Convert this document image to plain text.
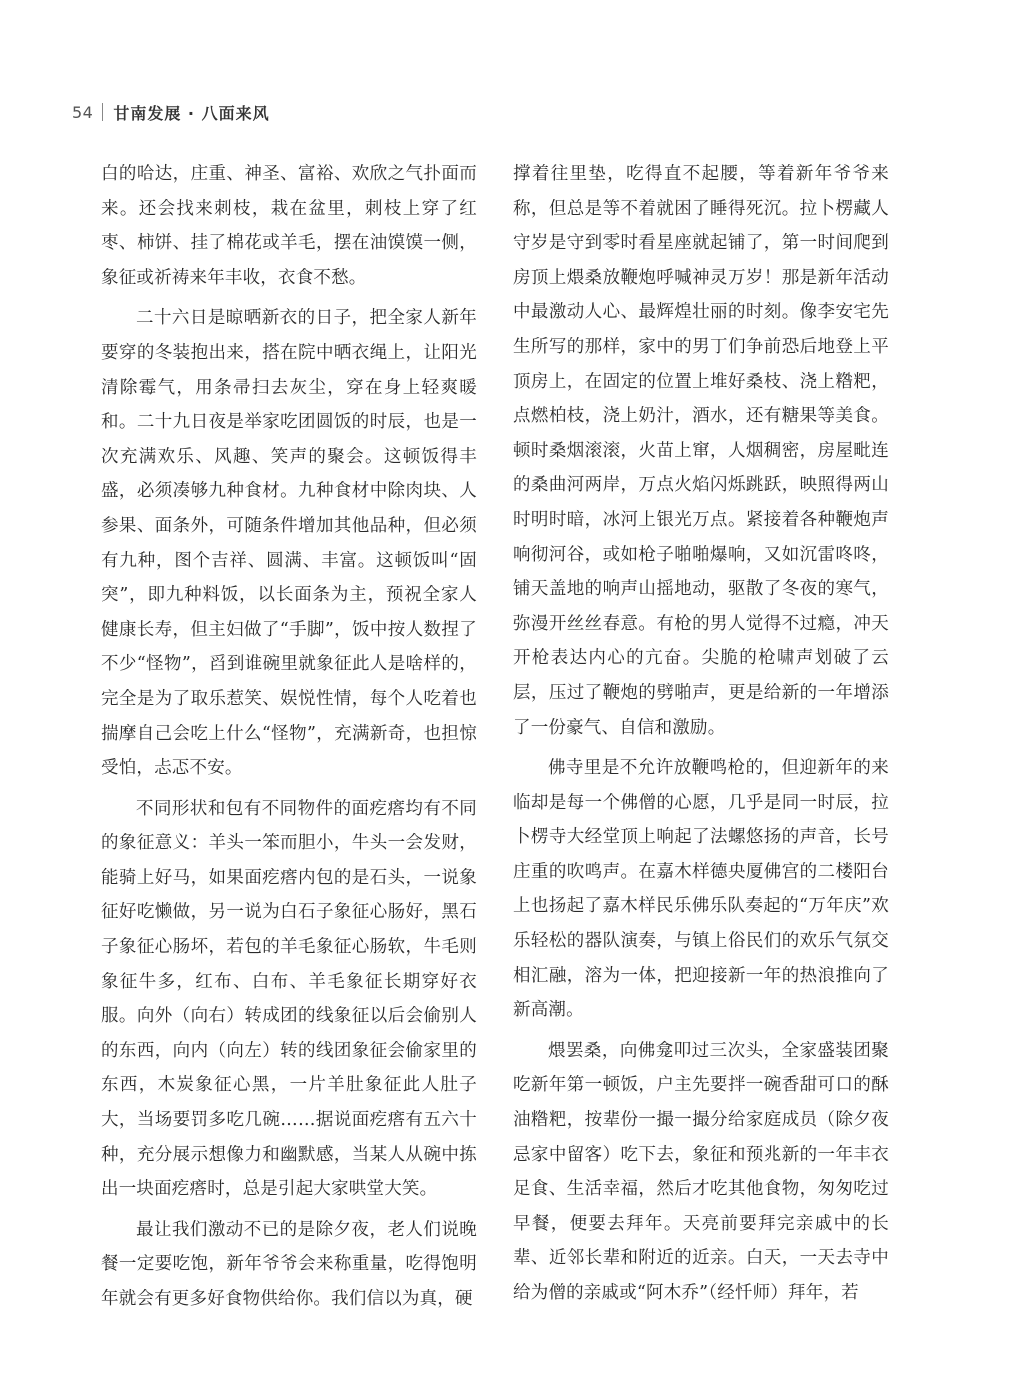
54 甘南发展 · 八面来风

白的哈达，庄重、神圣、富裕、欢欣之气扑面而来。还会找来刺枝，栽在盆里，刺枝上穿了红枣、柿饼、挂了棉花或羊毛，摆在油馍馍一侧，象征或祈祷来年丰收，衣食不愁。

二十六日是晾晒新衣的日子，把全家人新年要穿的冬装抱出来，搭在院中晒衣绳上，让阳光清除霉气，用条帚扫去灰尘，穿在身上轻爽暖和。二十九日夜是举家吃团圆饭的时辰，也是一次充满欢乐、风趣、笑声的聚会。这顿饭得丰盛，必须凑够九种食材。九种食材中除肉块、人参果、面条外，可随条件增加其他品种，但必须有九种，图个吉祥、圆满、丰富。这顿饭叫“固突”，即九种料饭，以长面条为主，预祝全家人健康长寿，但主妇做了“手脚”，饭中按人数捏了不少“怪物”，舀到谁碗里就象征此人是啥样的，完全是为了取乐惹笑、娱悦性情，每个人吃着也揣摩自己会吃上什么“怪物”，充满新奇，也担惊受怕，忐忑不安。

不同形状和包有不同物件的面疙瘩均有不同的象征意义：羊头一笨而胆小，牛头一会发财，能骑上好马，如果面疙瘩内包的是石头，一说象征好吃懒做，另一说为白石子象征心肠好，黑石子象征心肠坏，若包的羊毛象征心肠软，牛毛则象征牛多，红布、白布、羊毛象征长期穿好衣服。向外（向右）转成团的线象征以后会偷别人的东西，向内（向左）转的线团象征会偷家里的东西，木炭象征心黑，一片羊肚象征此人肚子大，当场要罚多吃几碗……据说面疙瘩有五六十种，充分展示想像力和幽默感，当某人从碗中拣出一块面疙瘩时，总是引起大家哄堂大笑。

最让我们激动不已的是除夕夜，老人们说晚餐一定要吃饱，新年爷爷会来称重量，吃得饱明年就会有更多好食物供给你。我们信以为真，硬

撑着往里垫，吃得直不起腰，等着新年爷爷来称，但总是等不着就困了睡得死沉。拉卜楞藏人守岁是守到零时看星座就起铺了，第一时间爬到房顶上煨桑放鞭炮呼喊神灵万岁！那是新年活动中最激动人心、最辉煌壮丽的时刻。像李安宅先生所写的那样，家中的男丁们争前恐后地登上平顶房上，在固定的位置上堆好桑枝、浇上糌粑，点燃柏枝，浇上奶汁，酒水，还有糖果等美食。顿时桑烟滚滚，火苗上窜，人烟稠密，房屋毗连的桑曲河两岸，万点火焰闪烁跳跃，映照得两山时明时暗，冰河上银光万点。紧接着各种鞭炮声响彻河谷，或如枪子啪啪爆响，又如沉雷咚咚，铺天盖地的响声山摇地动，驱散了冬夜的寒气，弥漫开丝丝春意。有枪的男人觉得不过瘾，冲天开枪表达内心的亢奋。尖脆的枪啸声划破了云层，压过了鞭炮的劈啪声，更是给新的一年增添了一份豪气、自信和激励。

佛寺里是不允许放鞭鸣枪的，但迎新年的来临却是每一个佛僧的心愿，几乎是同一时辰，拉卜楞寺大经堂顶上响起了法螺悠扬的声音，长号庄重的吹鸣声。在嘉木样德央厦佛宫的二楼阳台上也扬起了嘉木样民乐佛乐队奏起的“万年庆”欢乐轻松的器队演奏，与镇上俗民们的欢乐气氛交相汇融，溶为一体，把迎接新一年的热浪推向了新高潮。

煨罢桑，向佛龛叩过三次头，全家盛装团聚吃新年第一顿饭，户主先要拌一碗香甜可口的酥油糌粑，按辈份一撮一撮分给家庭成员（除夕夜忌家中留客）吃下去，象征和预兆新的一年丰衣足食、生活幸福，然后才吃其他食物，匆匆吃过早餐，便要去拜年。天亮前要拜完亲戚中的长辈、近邻长辈和附近的近亲。白天，一天去寺中给为僧的亲戚或“阿木乔”（经忏师）拜年，若
